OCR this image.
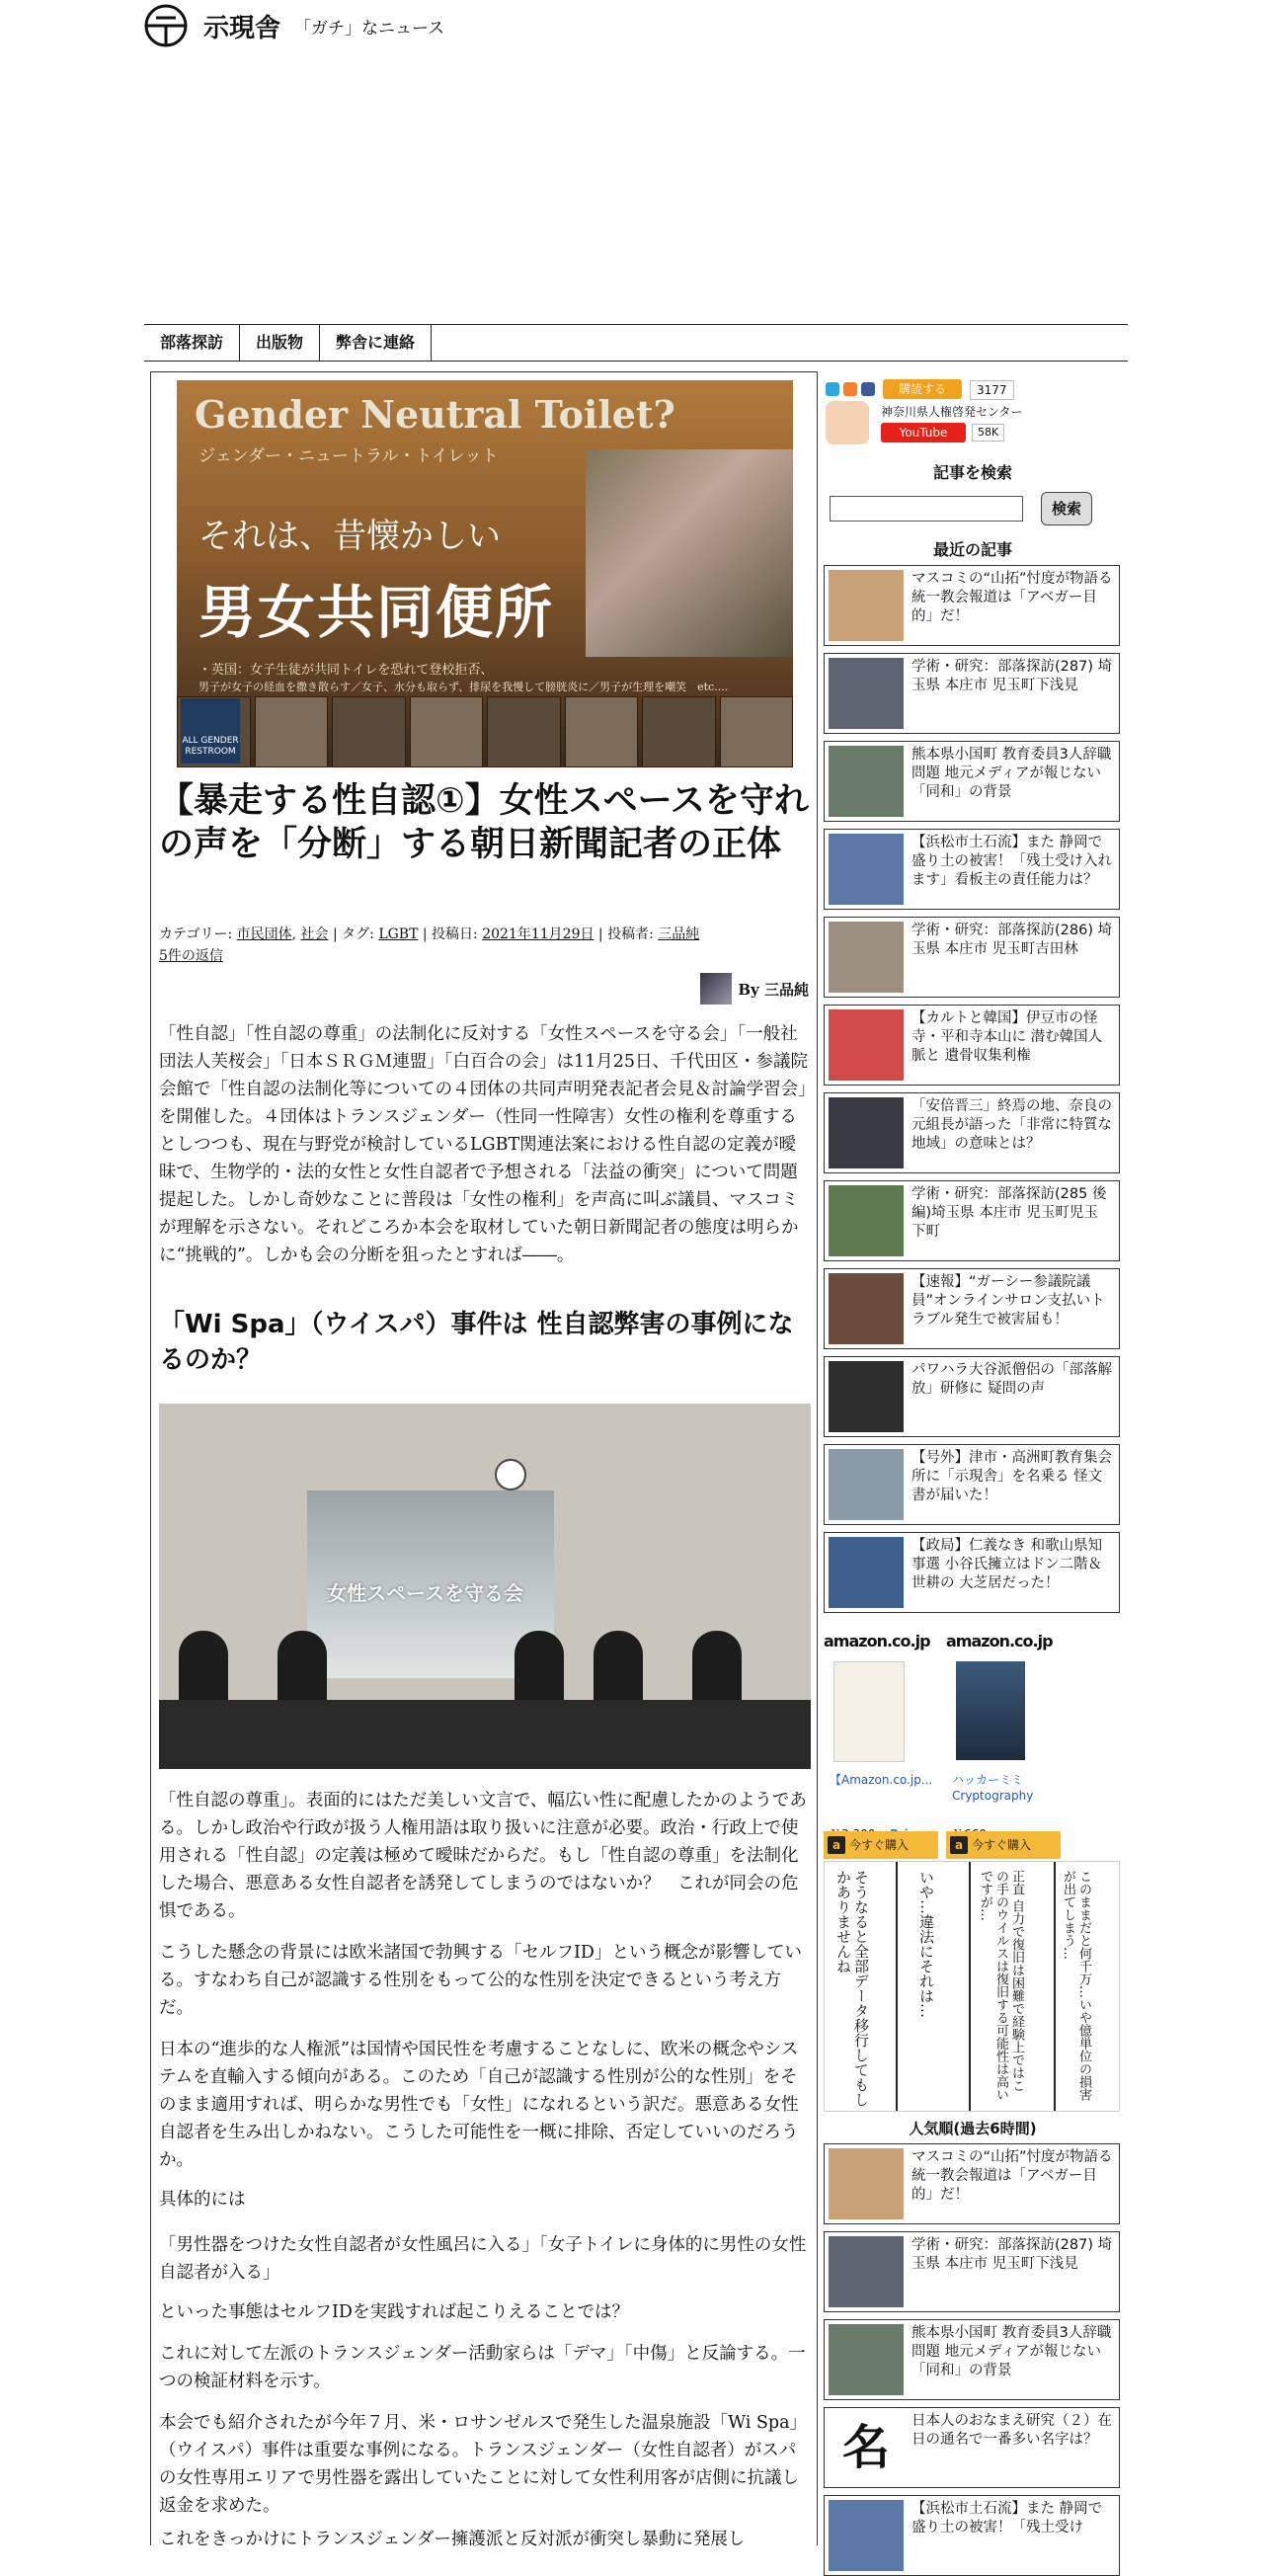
示現舎 「ガチ」なニュース
部落探訪	出版物	弊舎に連絡
Gender Neutral Toilet?
ジェンダー・ニュートラル・トイレット
それは、昔懐かしい
男女共同便所
・英国：女子生徒が共同トイレを恐れて登校拒否、
男子が女子の経血を撒き散らす／女子、水分も取らず、排尿を我慢して膀胱炎に／男子が生理を嘲笑　etc....
ALL GENDER RESTROOM
【暴走する性自認①】女性スペースを守れの声を「分断」する朝日新聞記者の正体
カテゴリー: 市民団体, 社会 | タグ: LGBT | 投稿日: 2021年11月29日 | 投稿者: 三品純
5件の返信
By 三品純

「性自認」「性自認の尊重」の法制化に反対する「女性スペースを守る会」「一般社団法人芙桜会」「日本ＳＲＧＭ連盟」「白百合の会」は11月25日、千代田区・参議院会館で「性自認の法制化等についての４団体の共同声明発表記者会見＆討論学習会」を開催した。４団体はトランスジェンダー（性同一性障害）女性の権利を尊重するとしつつも、現在与野党が検討しているLGBT関連法案における性自認の定義が曖昧で、生物学的・法的女性と女性自認者で予想される「法益の衝突」について問題提起した。しかし奇妙なことに普段は「女性の権利」を声高に叫ぶ議員、マスコミが理解を示さない。それどころか本会を取材していた朝日新聞記者の態度は明らかに“挑戦的”。しかも会の分断を狙ったとすれば――。

「Wi Spa」（ウイスパ）事件は 性自認弊害の事例になるのか？
女性スペースを守る会

「性自認の尊重」。表面的にはただ美しい文言で、幅広い性に配慮したかのようである。しかし政治や行政が扱う人権用語は取り扱いに注意が必要。政治・行政上で使用される「性自認」の定義は極めて曖昧だからだ。もし「性自認の尊重」を法制化した場合、悪意ある女性自認者を誘発してしまうのではないか？　これが同会の危惧である。

こうした懸念の背景には欧米諸国で勃興する「セルフID」という概念が影響している。すなわち自己が認識する性別をもって公的な性別を決定できるという考え方だ。

日本の“進歩的な人権派”は国情や国民性を考慮することなしに、欧米の概念やシステムを直輸入する傾向がある。このため「自己が認識する性別が公的な性別」をそのまま適用すれば、明らかな男性でも「女性」になれるという訳だ。悪意ある女性自認者を生み出しかねない。こうした可能性を一概に排除、否定していいのだろうか。

具体的には

「男性器をつけた女性自認者が女性風呂に入る」「女子トイレに身体的に男性の女性自認者が入る」

といった事態はセルフIDを実践すれば起こりえることでは？

これに対して左派のトランスジェンダー活動家らは「デマ」「中傷」と反論する。一つの検証材料を示す。

本会でも紹介されたが今年７月、米・ロサンゼルスで発生した温泉施設「Wi Spa」（ウイスパ）事件は重要な事例になる。トランスジェンダー（女性自認者）がスパの女性専用エリアで男性器を露出していたことに対して女性利用客が店側に抗議し返金を求めた。

これをきっかけにトランスジェンダー擁護派と反対派が衝突し暴動に発展し

購読する	3177
神奈川県人権啓発センター
YouTube	58K
記事を検索
検索
最近の記事
マスコミの“山拓”忖度が物語る 統一教会報道は「アベガー目的」だ！
学術・研究：部落探訪(287) 埼玉県 本庄市 児玉町下浅見
熊本県小国町 教育委員3人辞職問題 地元メディアが報じない「同和」の背景
【浜松市土石流】また 静岡で 盛り土の被害！「残土受け入れます」看板主の責任能力は？
学術・研究：部落探訪(286) 埼玉県 本庄市 児玉町吉田林
【カルトと韓国】伊豆市の怪寺・平和寺本山に 潜む韓国人脈と 遺骨収集利権
「安倍晋三」終焉の地、奈良の 元組長が語った「非常に特質な地域」の意味とは？
学術・研究：部落探訪(285 後編)埼玉県 本庄市 児玉町児玉 下町
【速報】“ガーシー参議院議員”オンラインサロン支払いトラブル発生で被害届も！
パワハラ大谷派僧侶の「部落解放」研修に 疑問の声
【号外】津市・高洲町教育集会所に「示現舎」を名乗る 怪文書が届いた！
【政局】仁義なき 和歌山県知事選 小谷氏擁立はドン二階＆世耕の 大芝居だった！
amazon.co.jp
【Amazon.co.jp...
amazon.co.jp
ハッカーミミ Cryptography
a 今すぐ購入
a	今すぐ購入
そうなると全部データ移行してもしかありませんね	いや…違法にそれは…	正直 自力で復旧は困難で経験上ではこの手のウイルスは復旧する可能性は高いですが…	このままだと何千万…いや億単位の損害が出てしまう…
人気順(過去6時間)
マスコミの“山拓”忖度が物語る 統一教会報道は「アベガー目的」だ！
学術・研究：部落探訪(287) 埼玉県 本庄市 児玉町下浅見
熊本県小国町 教育委員3人辞職問題 地元メディアが報じない「同和」の背景
名	日本人のおなまえ研究（２）在日の通名で一番多い名字は？
【浜松市土石流】また 静岡で 盛り土の被害！「残土受け
